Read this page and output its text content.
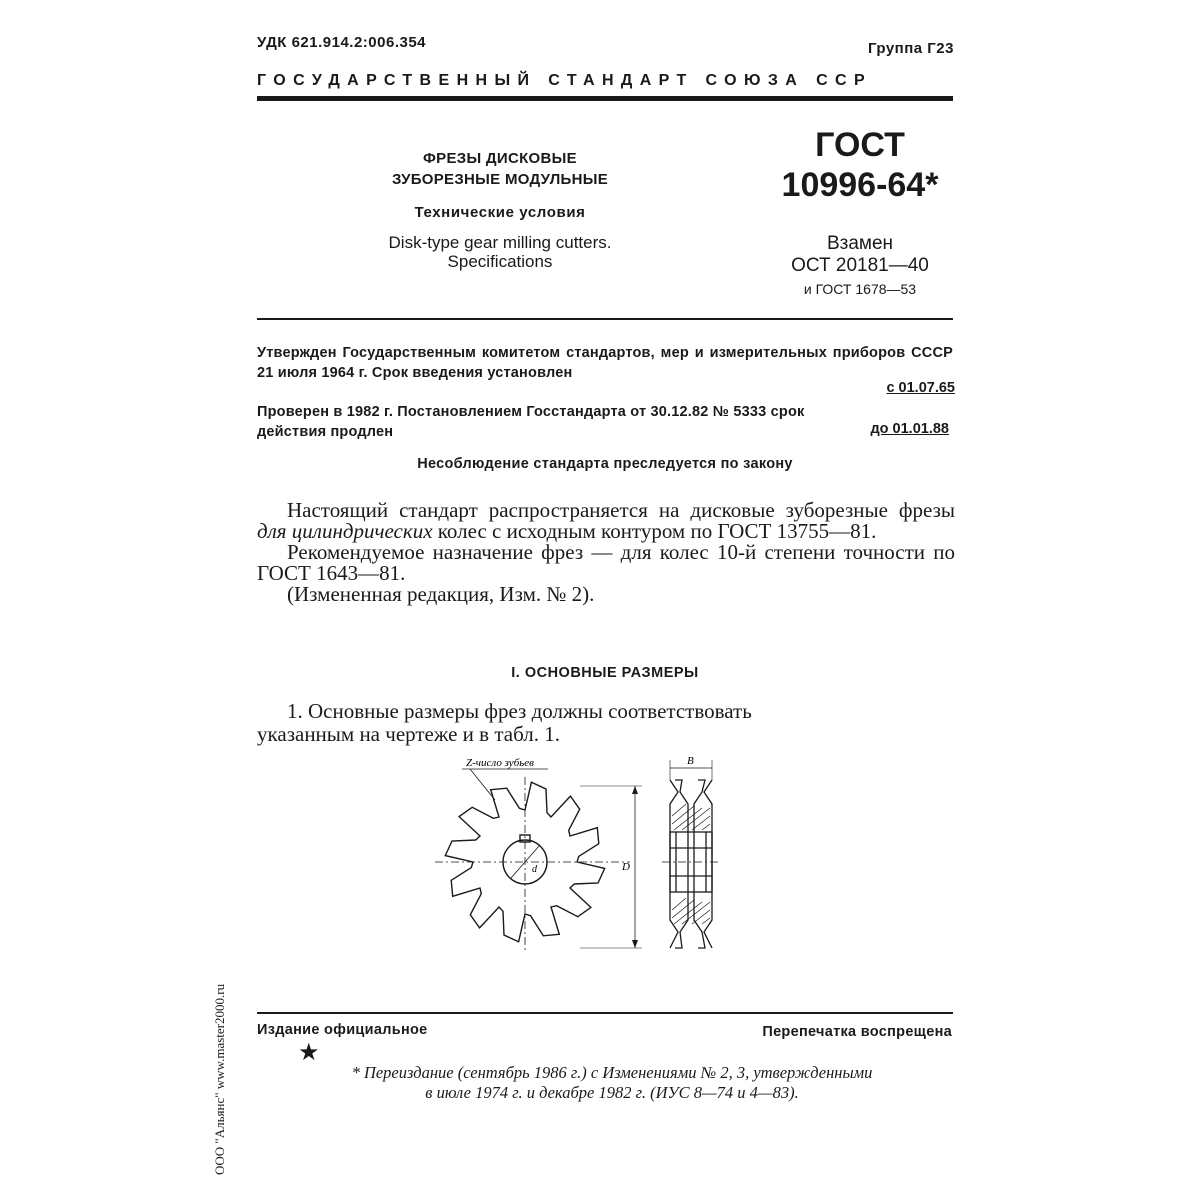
УДК 621.914.2:006.354	Группа Г23
ГОСУДАРСТВЕННЫЙ СТАНДАРТ СОЮЗА ССР
ФРЕЗЫ ДИСКОВЫЕ
ЗУБОРЕЗНЫЕ МОДУЛЬНЫЕ
Технические условия
Disk-type gear milling cutters.
Specifications
ГОСТ
10996-64*
Взамен
ОСТ 20181—40
и ГОСТ 1678—53
Утвержден Государственным комитетом стандартов, мер и измерительных приборов СССР 21 июля 1964 г. Срок введения установлен
с 01.07.65
Проверен в 1982 г. Постановлением Госстандарта от 30.12.82 № 5333 срок действия продлен	до 01.01.88
Несоблюдение стандарта преследуется по закону

Настоящий стандарт распространяется на дисковые зуборезные фрезы для цилиндрических колес с исходным контуром по ГОСТ 13755—81.

Рекомендуемое назначение фрез — для колес 10-й степени точности по ГОСТ 1643—81.

(Измененная редакция, Изм. № 2).

I. ОСНОВНЫЕ РАЗМЕРЫ

1. Основные размеры фрез должны соответствовать указанным на чертеже и в табл. 1.

Z-число зубьев
D
B
d
Издание официальное	Перепечатка воспрещена
★
* Переиздание (сентябрь 1986 г.) с Изменениями № 2, 3, утвержденными
в июле 1974 г. и декабре 1982 г. (ИУС 8—74 и 4—83).
ООО "Альянс" www.master2000.ru
